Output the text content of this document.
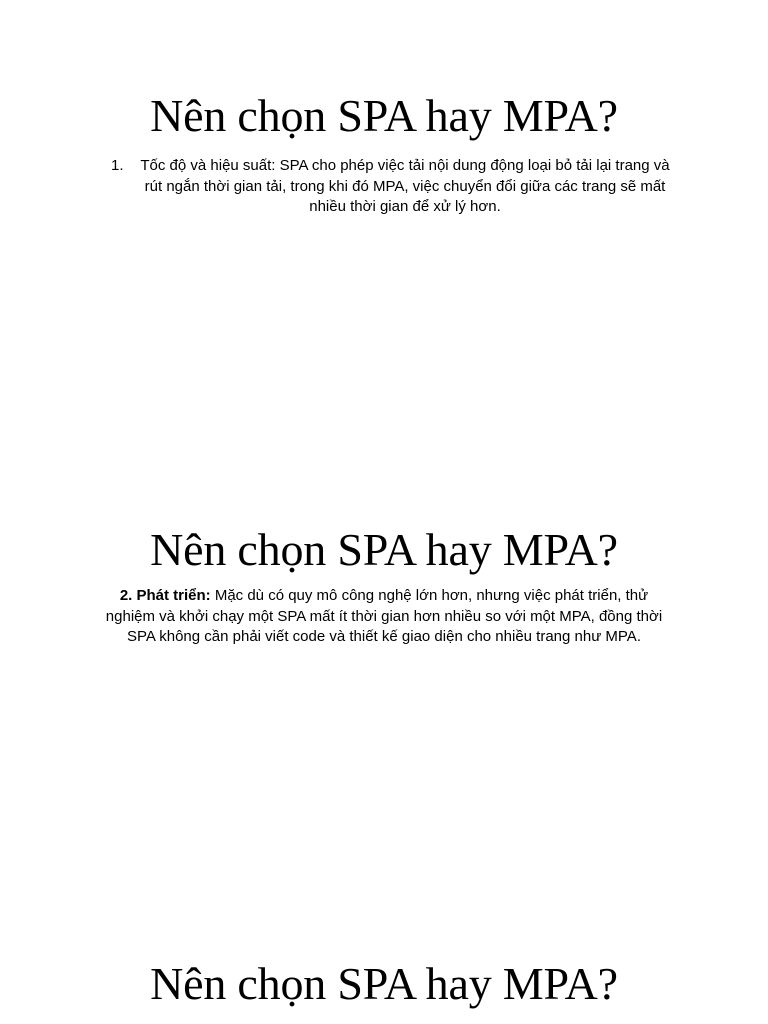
Nên chọn SPA hay MPA?
1.	Tốc độ và hiệu suất: SPA cho phép việc tải nội dung động loại bỏ tải lại trang và rút ngắn thời gian tải, trong khi đó MPA, việc chuyển đổi giữa các trang sẽ mất nhiều thời gian để xử lý hơn.
Nên chọn SPA hay MPA?

2. Phát triển: Mặc dù có quy mô công nghệ lớn hơn, nhưng việc phát triển, thử nghiệm và khởi chạy một SPA mất ít thời gian hơn nhiều so với một MPA, đồng thời SPA không cần phải viết code và thiết kế giao diện cho nhiều trang như MPA.

Nên chọn SPA hay MPA?
